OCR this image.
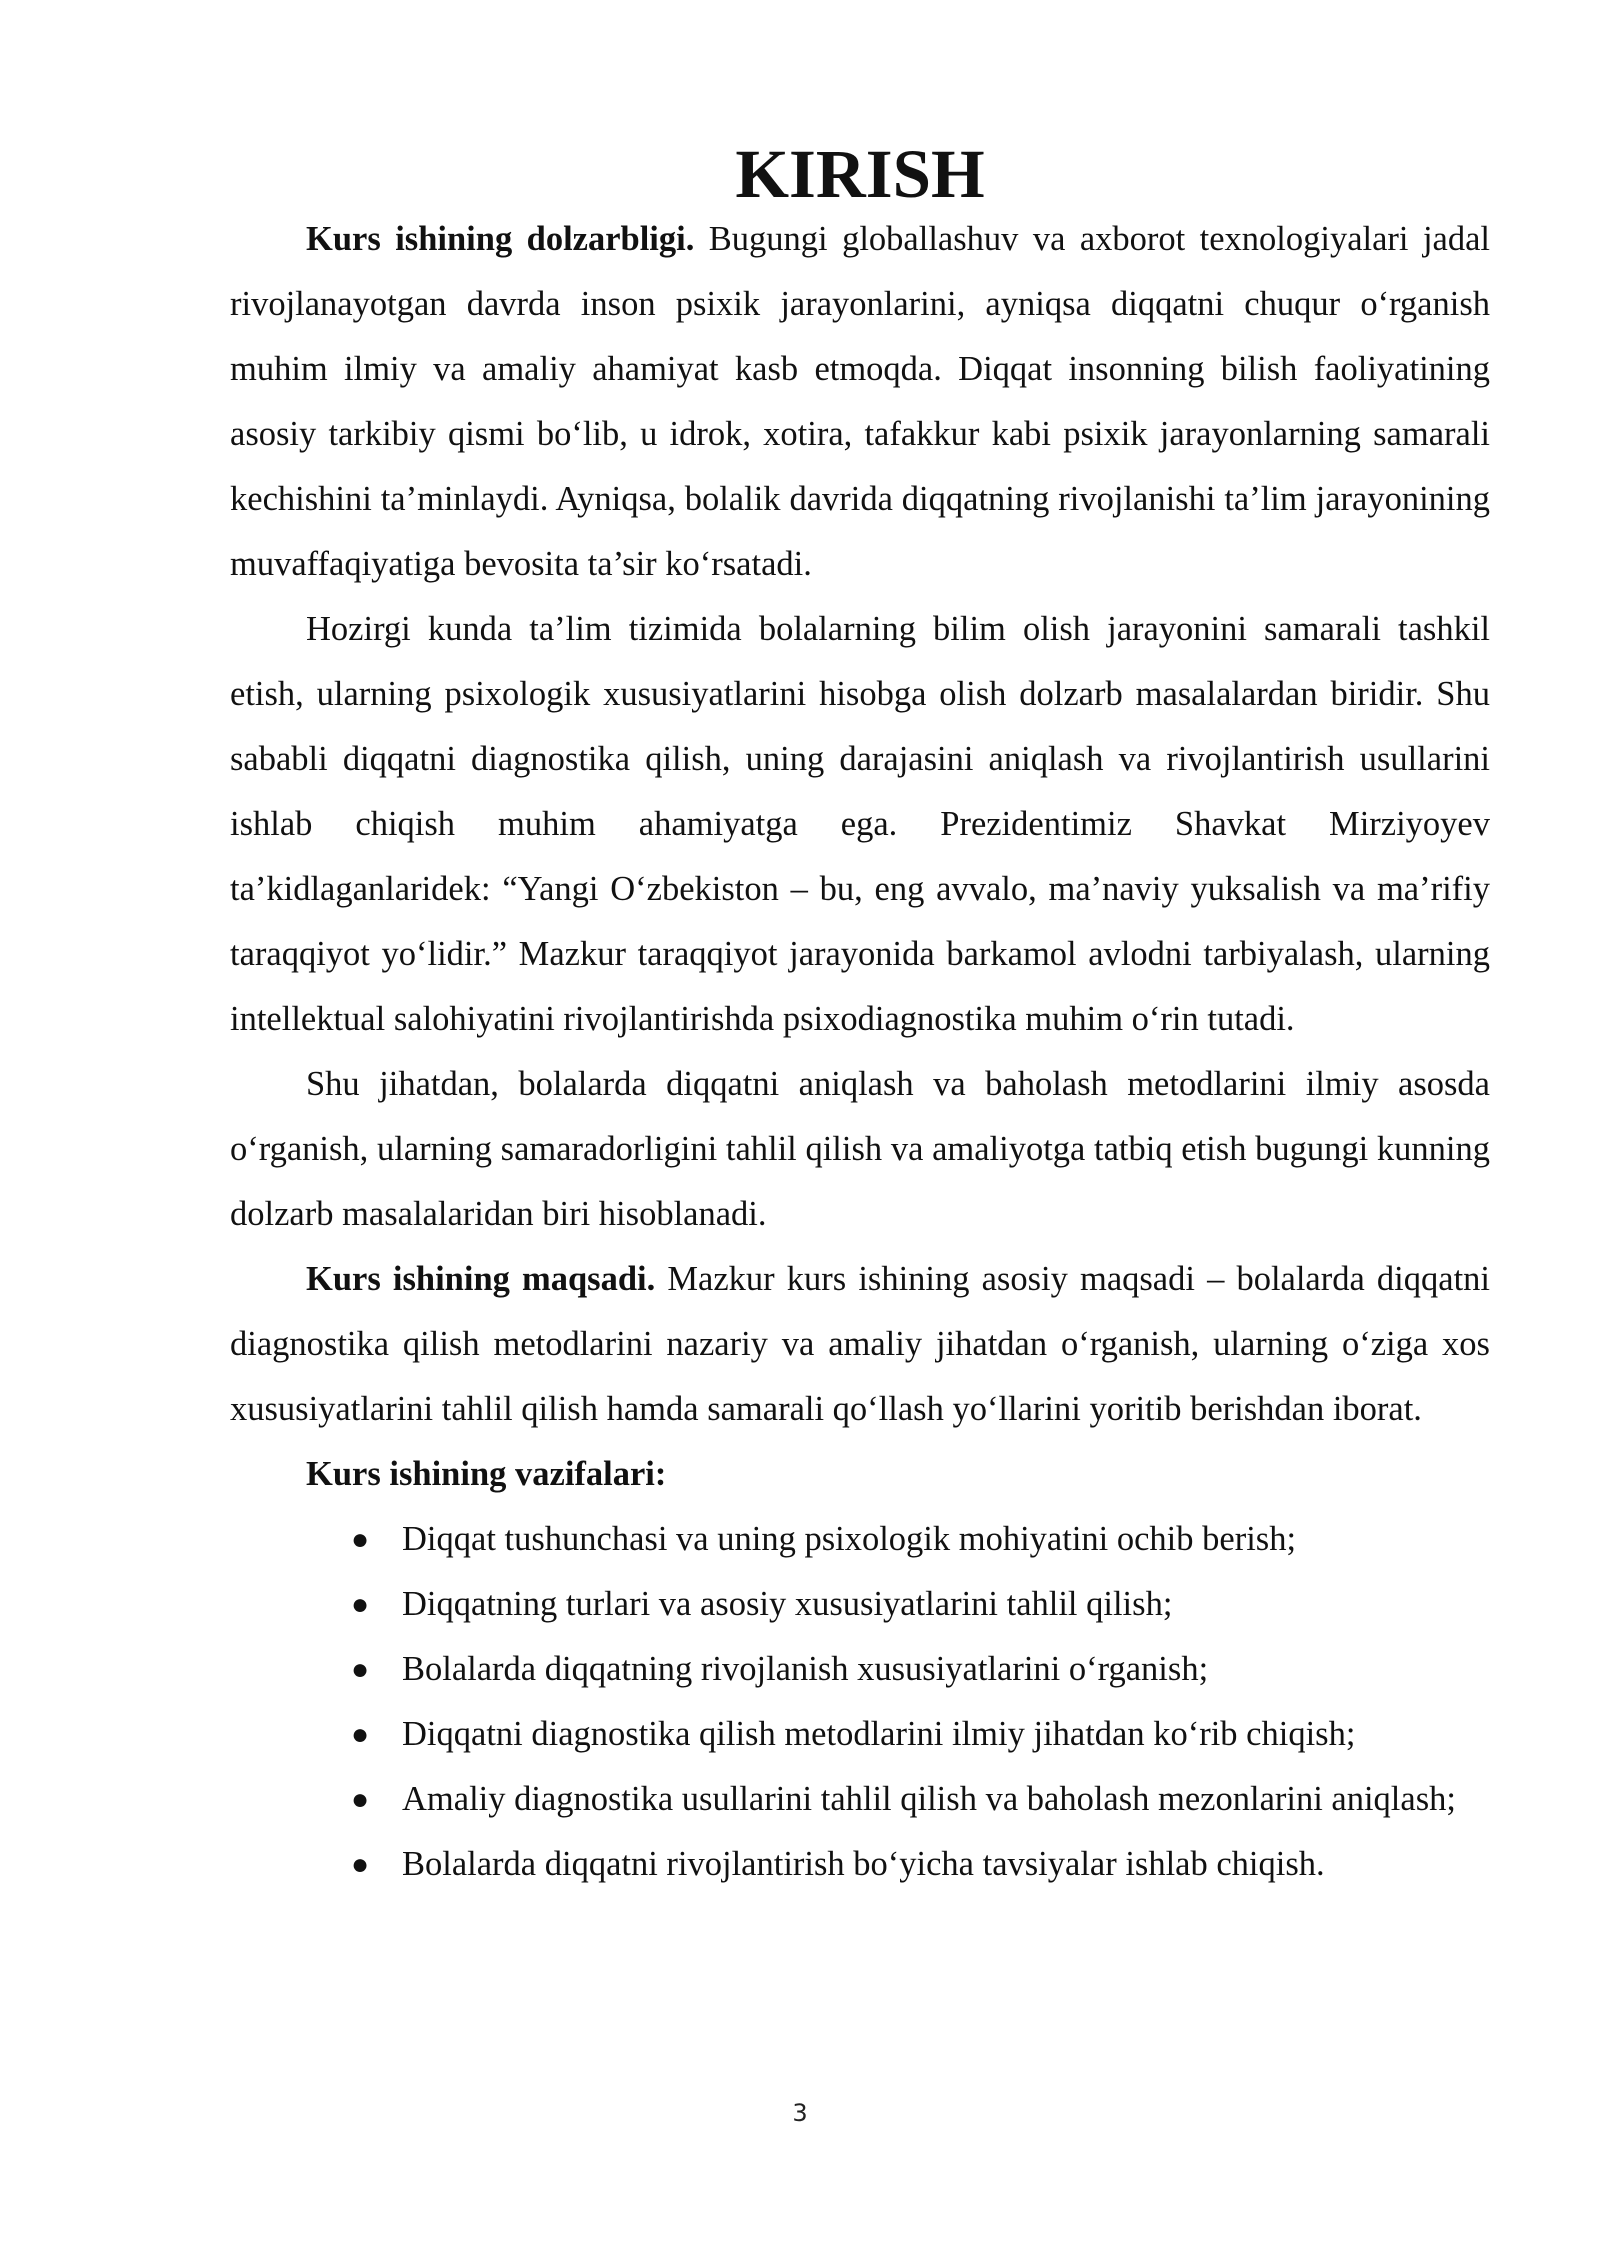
KIRISH

Kurs ishining dolzarbligi. Bugungi globallashuv va axborot texnologiyalari jadal rivojlanayotgan davrda inson psixik jarayonlarini, ayniqsa diqqatni chuqur o‘rganish muhim ilmiy va amaliy ahamiyat kasb etmoqda. Diqqat insonning bilish faoliyatining asosiy tarkibiy qismi bo‘lib, u idrok, xotira, tafakkur kabi psixik jarayonlarning samarali kechishini ta’minlaydi. Ayniqsa, bolalik davrida diqqatning rivojlanishi ta’lim jarayonining muvaffaqiyatiga bevosita ta’sir ko‘rsatadi.

Hozirgi kunda ta’lim tizimida bolalarning bilim olish jarayonini samarali tashkil etish, ularning psixologik xususiyatlarini hisobga olish dolzarb masalalardan biridir. Shu sababli diqqatni diagnostika qilish, uning darajasini aniqlash va rivojlantirish usullarini ishlab chiqish muhim ahamiyatga ega. Prezidentimiz Shavkat Mirziyoyev ta’kidlaganlaridek: “Yangi O‘zbekiston – bu, eng avvalo, ma’naviy yuksalish va ma’rifiy taraqqiyot yo‘lidir.” Mazkur taraqqiyot jarayonida barkamol avlodni tarbiyalash, ularning intellektual salohiyatini rivojlantirishda psixodiagnostika muhim o‘rin tutadi.

Shu jihatdan, bolalarda diqqatni aniqlash va baholash metodlarini ilmiy asosda o‘rganish, ularning samaradorligini tahlil qilish va amaliyotga tatbiq etish bugungi kunning dolzarb masalalaridan biri hisoblanadi.

Kurs ishining maqsadi. Mazkur kurs ishining asosiy maqsadi – bolalarda diqqatni diagnostika qilish metodlarini nazariy va amaliy jihatdan o‘rganish, ularning o‘ziga xos xususiyatlarini tahlil qilish hamda samarali qo‘llash yo‘llarini yoritib berishdan iborat.

Kurs ishining vazifalari:

● Diqqat tushunchasi va uning psixologik mohiyatini ochib berish;
● Diqqatning turlari va asosiy xususiyatlarini tahlil qilish;
● Bolalarda diqqatning rivojlanish xususiyatlarini o‘rganish;
● Diqqatni diagnostika qilish metodlarini ilmiy jihatdan ko‘rib chiqish;
● Amaliy diagnostika usullarini tahlil qilish va baholash mezonlarini aniqlash;
● Bolalarda diqqatni rivojlantirish bo‘yicha tavsiyalar ishlab chiqish.
3
